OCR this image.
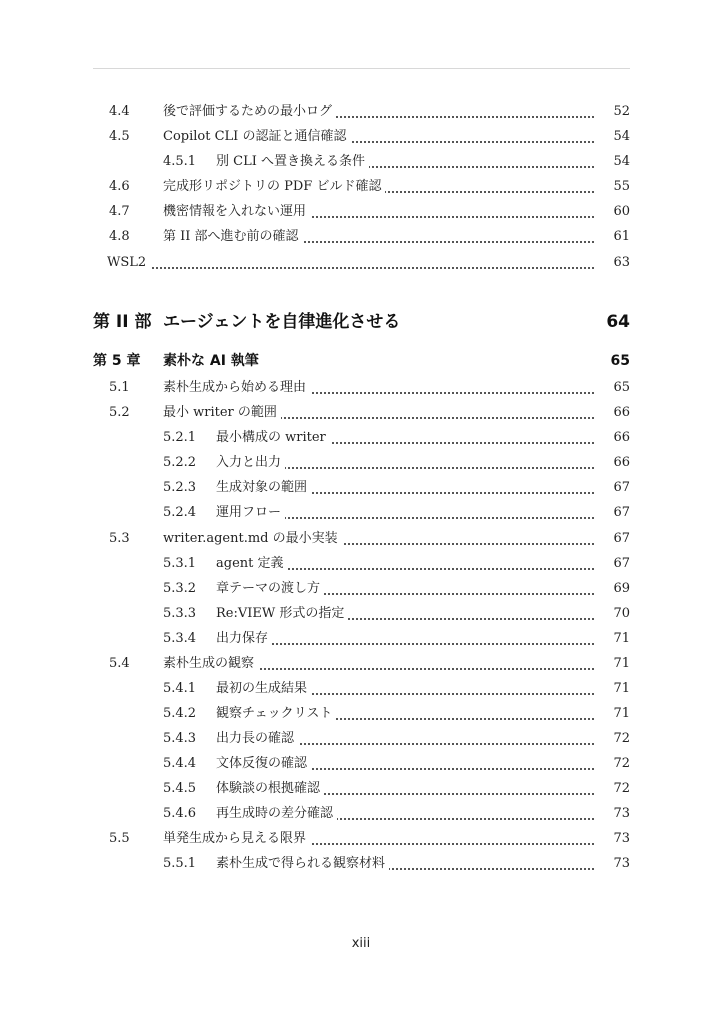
4.4	後で評価するための最小ログ	52
4.5	Copilot CLI の認証と通信確認	54
4.5.1 別 CLI へ置き換える条件	54
4.6	完成形リポジトリの PDF ビルド確認	55
4.7	機密情報を入れない運用	60
4.8	第 II 部へ進む前の確認	61
WSL2	63
第 II 部 エージェントを自律進化させる	64
第 5 章 素朴な AI 執筆	65
5.1	素朴生成から始める理由	65
5.2	最小 writer の範囲	66
5.2.1 最小構成の writer	66
5.2.2 入力と出力	66
5.2.3 生成対象の範囲	67
5.2.4 運用フロー	67
5.3	writer.agent.md の最小実装	67
5.3.1 agent 定義	67
5.3.2 章テーマの渡し方	69
5.3.3 Re:VIEW 形式の指定	70
5.3.4 出力保存	71
5.4	素朴生成の観察	71
5.4.1 最初の生成結果	71
5.4.2 観察チェックリスト	71
5.4.3 出力長の確認	72
5.4.4 文体反復の確認	72
5.4.5 体験談の根拠確認	72
5.4.6 再生成時の差分確認	73
5.5	単発生成から見える限界	73
5.5.1 素朴生成で得られる観察材料	73
xiii
